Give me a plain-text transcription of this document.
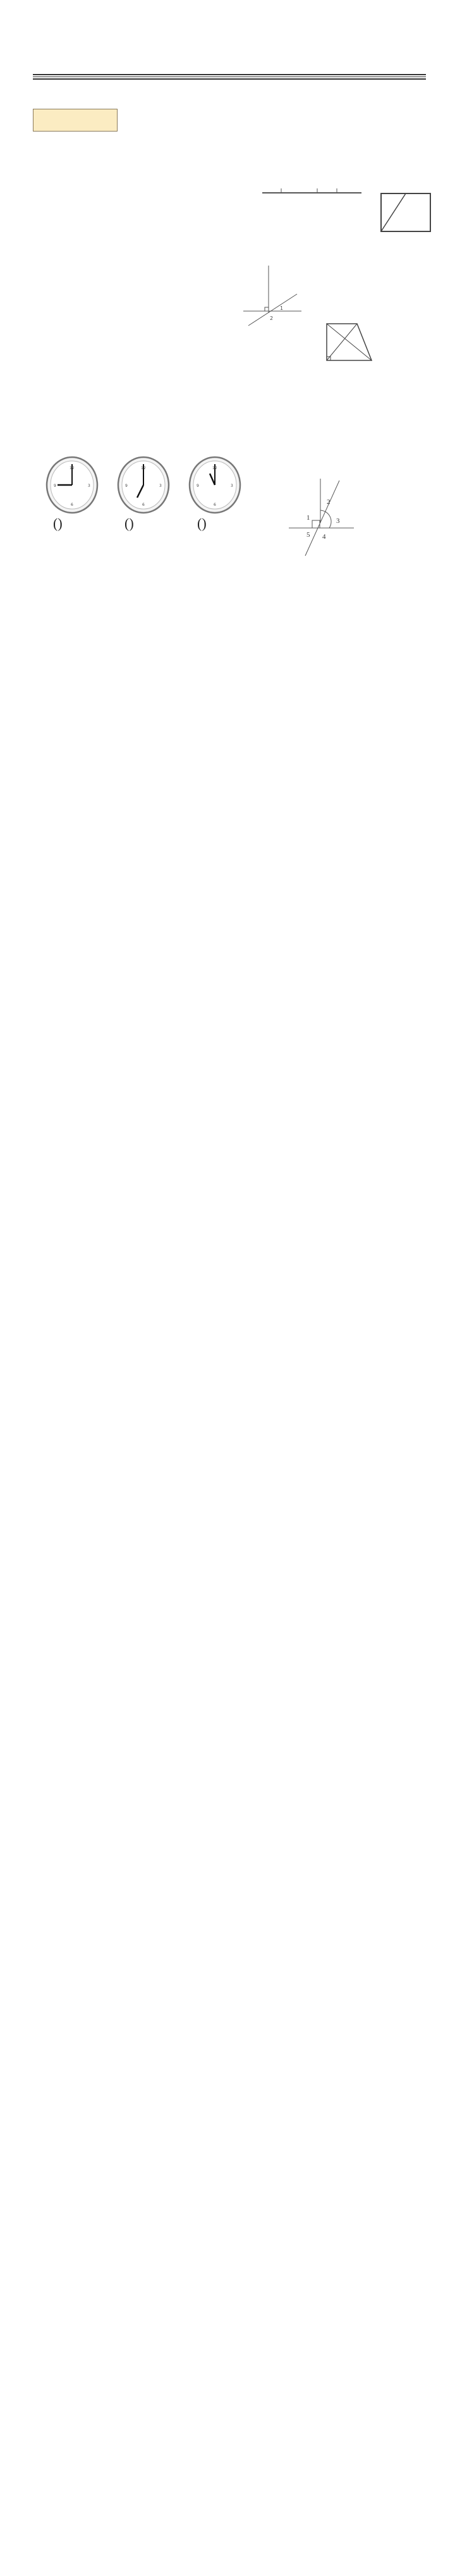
1
2
12
3
6
9
12
3
6
9
12
3
6
9
()	()	()	1
2
3
4
5
